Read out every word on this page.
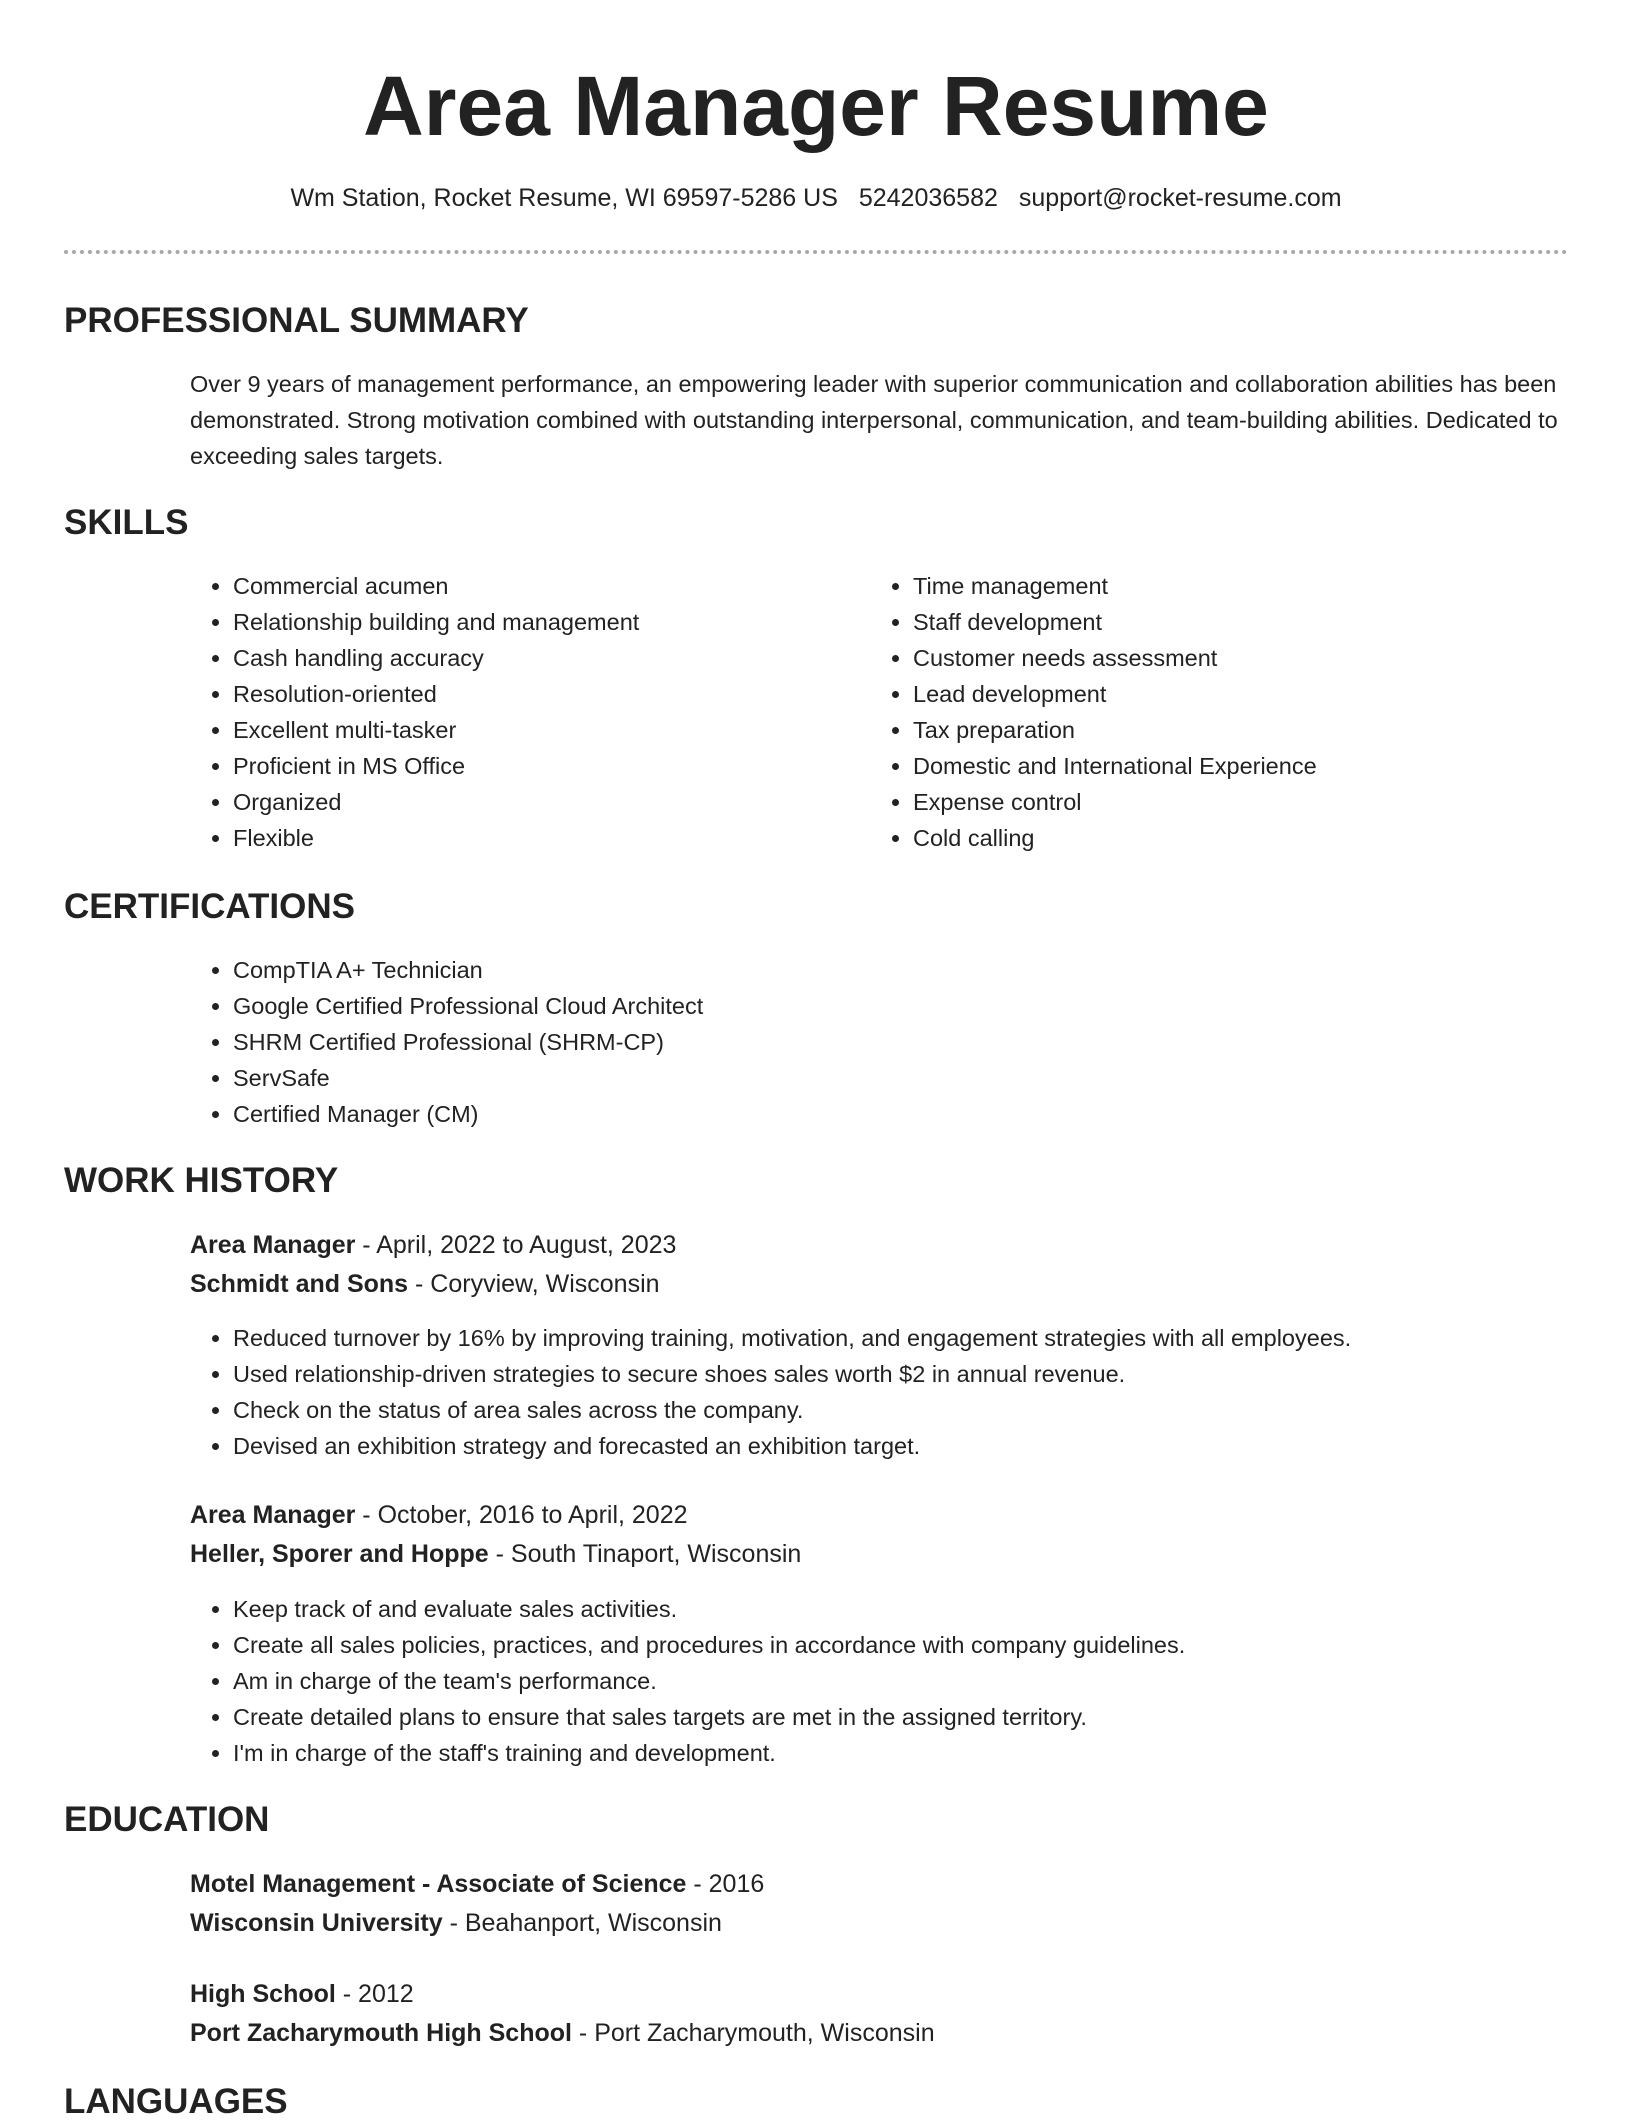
Area Manager Resume
Wm Station, Rocket Resume, WI 69597-5286 US 5242036582 support@rocket-resume.com
PROFESSIONAL SUMMARY

Over 9 years of management performance, an empowering leader with superior communication and collaboration abilities has been demonstrated. Strong motivation combined with outstanding interpersonal, communication, and team-building abilities. Dedicated to exceeding sales targets.

SKILLS
• Commercial acumen
• Relationship building and management
• Cash handling accuracy
• Resolution-oriented
• Excellent multi-tasker
• Proficient in MS Office
• Organized
• Flexible
• Time management
• Staff development
• Customer needs assessment
• Lead development
• Tax preparation
• Domestic and International Experience
• Expense control
• Cold calling
CERTIFICATIONS
• CompTIA A+ Technician
• Google Certified Professional Cloud Architect
• SHRM Certified Professional (SHRM-CP)
• ServSafe
• Certified Manager (CM)
WORK HISTORY
Area Manager - April, 2022 to August, 2023
Schmidt and Sons - Coryview, Wisconsin
• Reduced turnover by 16% by improving training, motivation, and engagement strategies with all employees.
• Used relationship-driven strategies to secure shoes sales worth $2 in annual revenue.
• Check on the status of area sales across the company.
• Devised an exhibition strategy and forecasted an exhibition target.
Area Manager - October, 2016 to April, 2022
Heller, Sporer and Hoppe - South Tinaport, Wisconsin
• Keep track of and evaluate sales activities.
• Create all sales policies, practices, and procedures in accordance with company guidelines.
• Am in charge of the team's performance.
• Create detailed plans to ensure that sales targets are met in the assigned territory.
• I'm in charge of the staff's training and development.
EDUCATION
Motel Management - Associate of Science - 2016
Wisconsin University - Beahanport, Wisconsin
High School - 2012
Port Zacharymouth High School - Port Zacharymouth, Wisconsin
LANGUAGES
